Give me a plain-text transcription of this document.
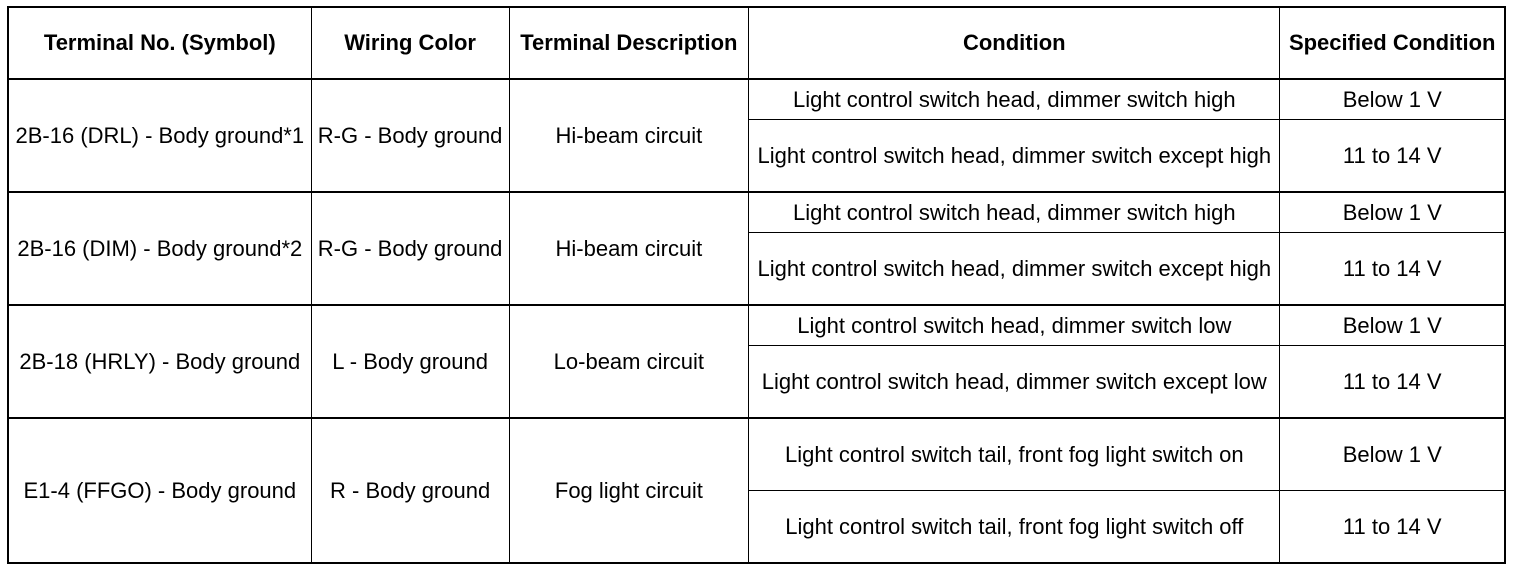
Terminal No. (Symbol)	Wiring Color	Terminal Description	Condition	Specified Condition
2B-16 (DRL) - Body ground*1	R-G - Body ground	Hi-beam circuit	Light control switch head, dimmer switch high	Below 1 V
			Light control switch head, dimmer switch except high	11 to 14 V
2B-16 (DIM) - Body ground*2	R-G - Body ground	Hi-beam circuit	Light control switch head, dimmer switch high	Below 1 V
			Light control switch head, dimmer switch except high	11 to 14 V
2B-18 (HRLY) - Body ground	L - Body ground	Lo-beam circuit	Light control switch head, dimmer switch low	Below 1 V
			Light control switch head, dimmer switch except low	11 to 14 V
E1-4 (FFGO) - Body ground	R - Body ground	Fog light circuit	Light control switch tail, front fog light switch on	Below 1 V
			Light control switch tail, front fog light switch off	11 to 14 V
